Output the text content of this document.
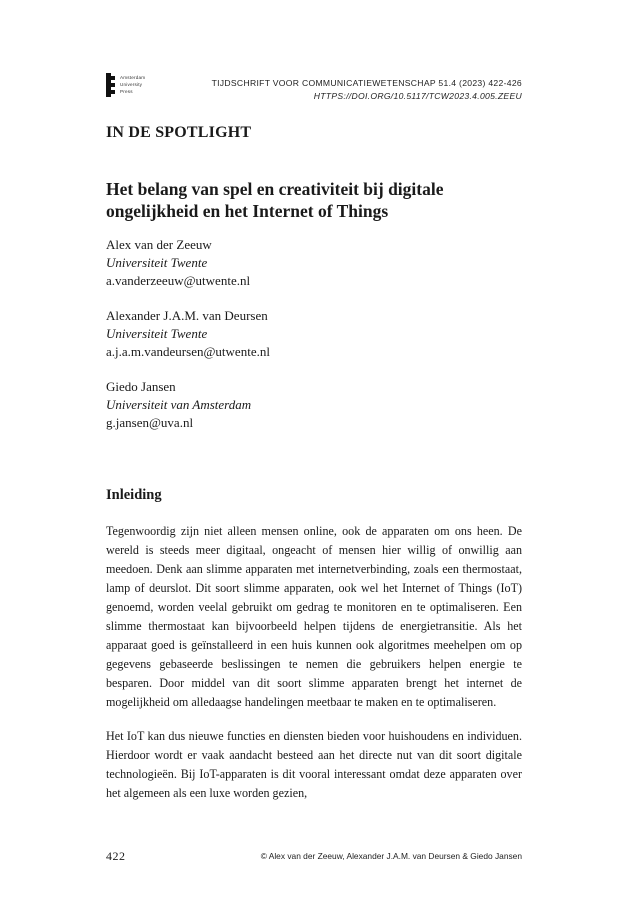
Amsterdam
University
Press
TIJDSCHRIFT VOOR COMMUNICATIEWETENSCHAP 51.4 (2023) 422-426
HTTPS://DOI.ORG/10.5117/TCW2023.4.005.ZEEU
IN DE SPOTLIGHT
Het belang van spel en creativiteit bij digitale
ongelijkheid en het Internet of Things
Alex van der Zeeuw
Universiteit Twente
a.vanderzeeuw@utwente.nl
Alexander J.A.M. van Deursen
Universiteit Twente
a.j.a.m.vandeursen@utwente.nl
Giedo Jansen
Universiteit van Amsterdam
g.jansen@uva.nl
Inleiding

Tegenwoordig zijn niet alleen mensen online, ook de apparaten om ons heen. De wereld is steeds meer digitaal, ongeacht of mensen hier willig of onwillig aan meedoen. Denk aan slimme apparaten met internetverbinding, zoals een thermostaat, lamp of deurslot. Dit soort slimme apparaten, ook wel het Internet of Things (IoT) genoemd, worden veelal gebruikt om gedrag te monitoren en te optimaliseren. Een slimme thermostaat kan bijvoorbeeld helpen tijdens de energietransitie. Als het apparaat goed is geïnstalleerd in een huis kunnen ook algoritmes meehelpen om op gegevens gebaseerde beslissingen te nemen die gebruikers helpen energie te besparen. Door middel van dit soort slimme apparaten brengt het internet de mogelijkheid om alledaagse handelingen meetbaar te maken en te optimaliseren.

Het IoT kan dus nieuwe functies en diensten bieden voor huishoudens en individuen. Hierdoor wordt er vaak aandacht besteed aan het directe nut van dit soort digitale technologieën. Bij IoT-apparaten is dit vooral interessant omdat deze apparaten over het algemeen als een luxe worden gezien,

422	© Alex van der Zeeuw, Alexander J.A.M. van Deursen & Giedo Jansen
